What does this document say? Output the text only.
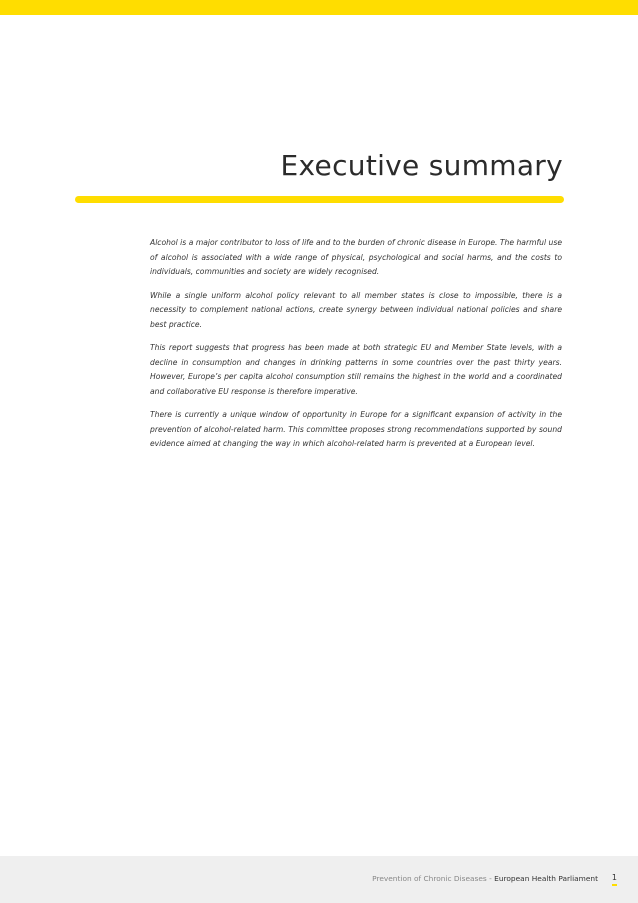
Executive summary

Alcohol is a major contributor to loss of life and to the burden of chronic disease in Europe. The harmful use of alcohol is associated with a wide range of physical, psychological and social harms, and the costs to individuals, communities and society are widely recognised.

While a single uniform alcohol policy relevant to all member states is close to impossible, there is a necessity to complement national actions, create synergy between individual national policies and share best practice.

This report suggests that progress has been made at both strategic EU and Member State levels, with a decline in consumption and changes in drinking patterns in some countries over the past thirty years. However, Europe’s per capita alcohol consumption still remains the highest in the world and a coordinated and collaborative EU response is therefore imperative.

There is currently a unique window of opportunity in Europe for a significant expansion of activity in the prevention of alcohol-related harm. This committee proposes strong recommendations supported by sound evidence aimed at changing the way in which alcohol-related harm is prevented at a European level.

Prevention of Chronic Diseases - European Health Parliament 1
